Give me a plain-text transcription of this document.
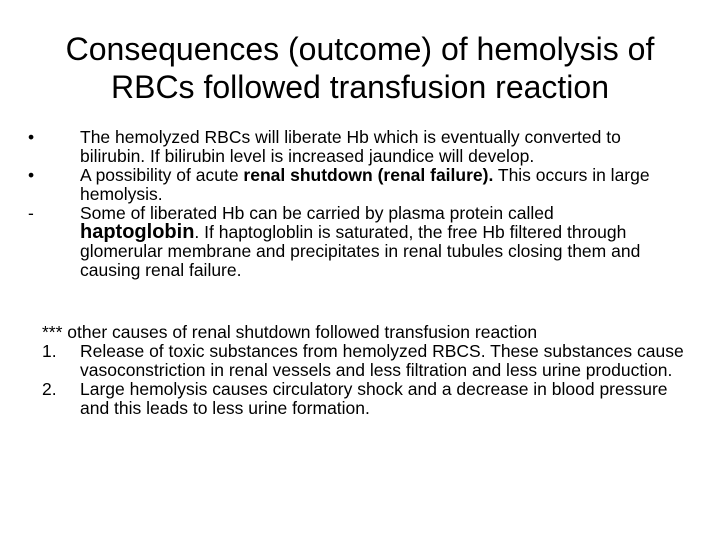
Consequences (outcome) of hemolysis of
RBCs followed transfusion reaction
•	The hemolyzed RBCs will liberate Hb which is eventually converted to bilirubin. If bilirubin level is increased jaundice will develop.
•	A possibility of acute renal shutdown (renal failure). This occurs in large hemolysis.
-	Some of liberated Hb can be carried by plasma protein called
haptoglobin. If haptogloblin is saturated, the free Hb filtered through glomerular membrane and precipitates in renal tubules closing them and causing renal failure.
*** other causes of renal shutdown followed transfusion reaction
1.	Release of toxic substances from hemolyzed RBCS. These substances cause vasoconstriction in renal vessels and less filtration and less urine production.
2.	Large hemolysis causes circulatory shock and a decrease in blood pressure and this leads to less urine formation.
